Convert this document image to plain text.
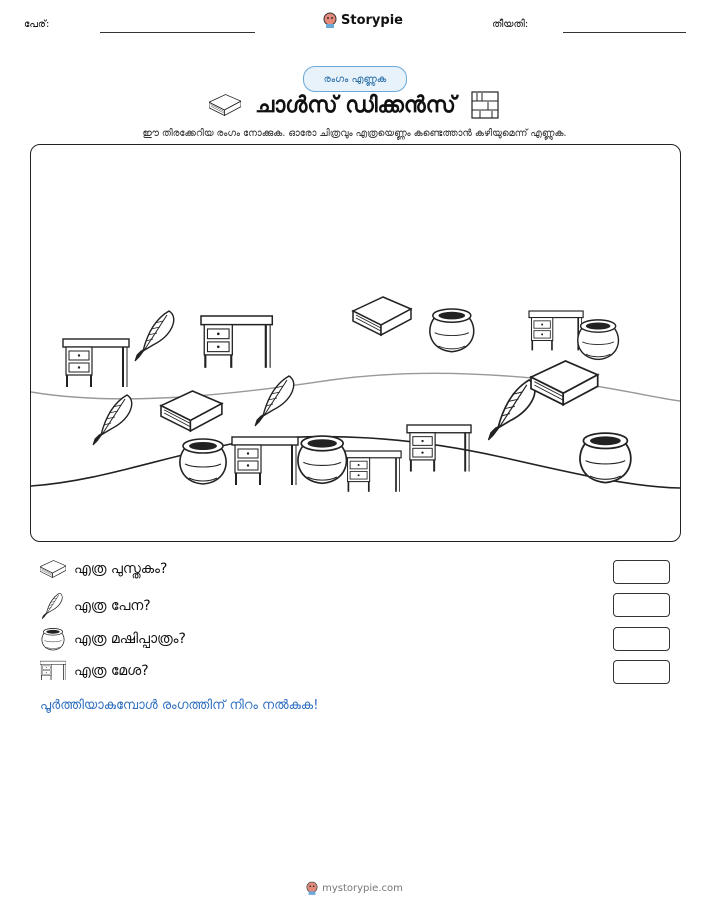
പേര്:	Storypie	തീയതി:
രംഗം എണ്ണുക
ചാൾസ് ഡിക്കൻസ്
ഈ തിരക്കേറിയ രംഗം നോക്കുക. ഓരോ ചിത്രവും എത്രയെണ്ണം കണ്ടെത്താൻ കഴിയുമെന്ന് എണ്ണുക.
എത്ര പുസ്തകം?
എത്ര പേന?
എത്ര മഷിപ്പാത്രം?
എത്ര മേശ?
പൂർത്തിയാകുമ്പോൾ രംഗത്തിന് നിറം നൽകുക!
mystorypie.com
